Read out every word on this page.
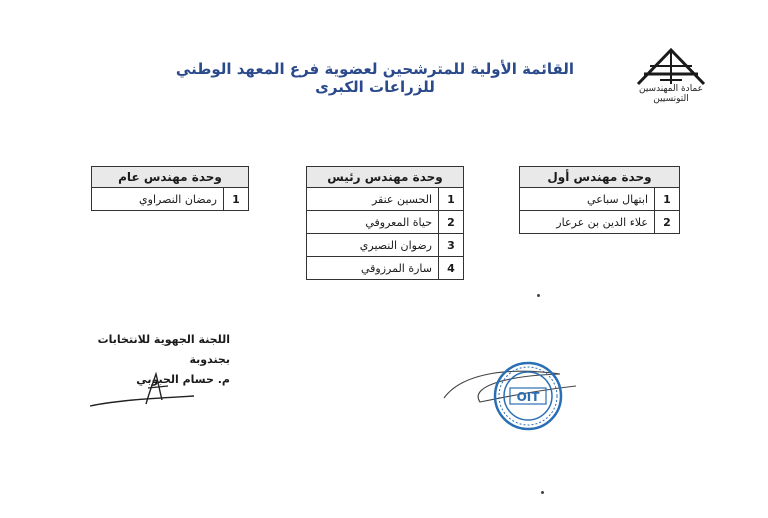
عمادة المهندسين التونسيين
القائمة الأولية للمترشحين لعضوية فرع المعهد الوطني للزراعات الكبرى
وحدة مهندس أول	
1	ابتهال سباعي
2	علاء الدين بن عرعار
وحدة مهندس رئيس	
1	الحسين عنقر
2	حياة المعروفي
3	رضوان النصيري
4	سارة المرزوقي
وحدة مهندس عام
1	رمضان النصراوي
اللجنة الجهوية للانتخابات بجندوبة
م. حسام الحبوبي
OIT
